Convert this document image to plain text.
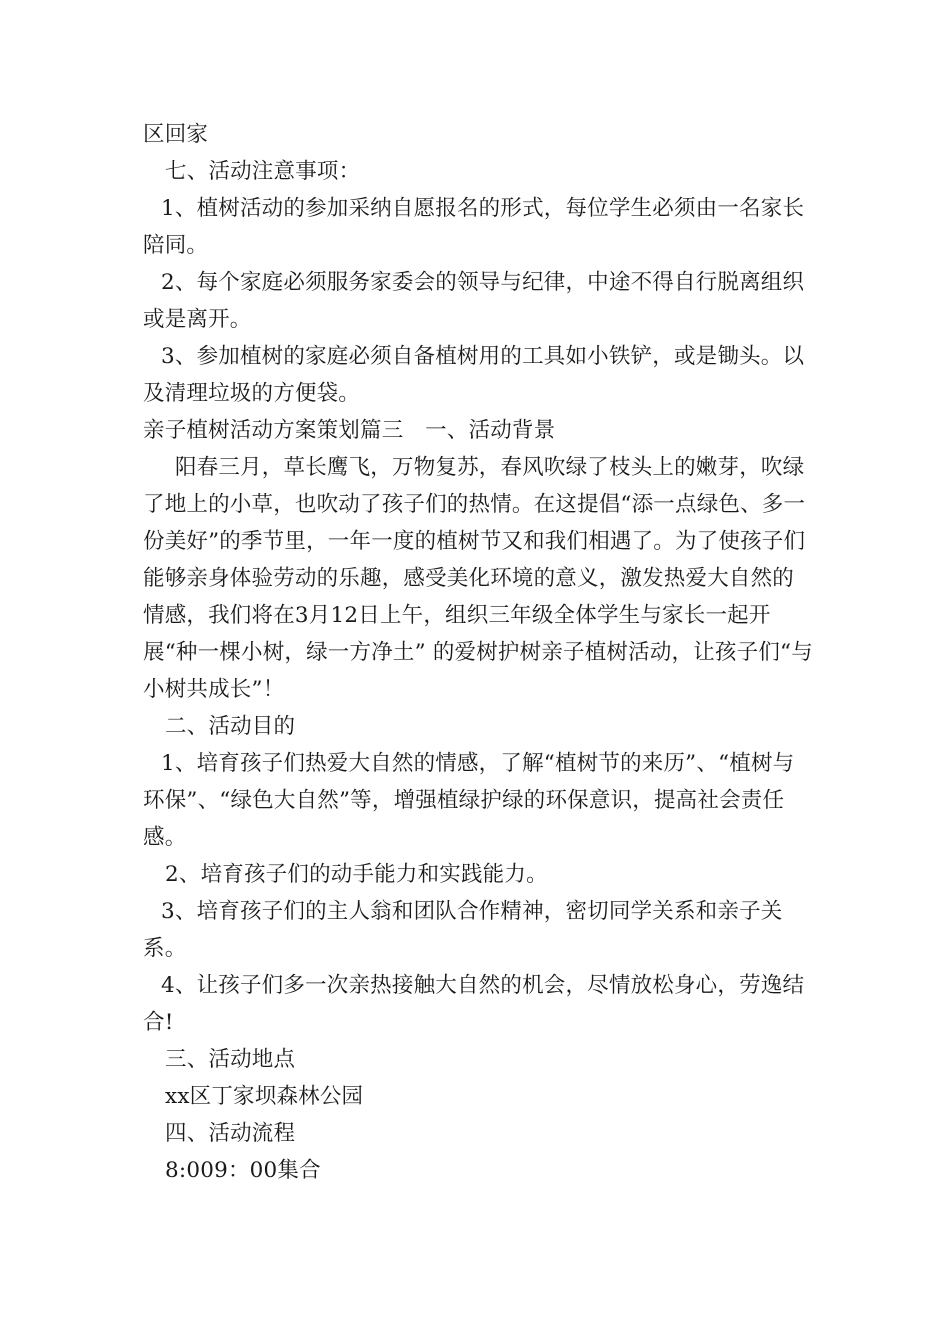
区回家

七、活动注意事项：

1、植树活动的参加采纳自愿报名的形式，每位学生必须由一名家长陪同。

2、每个家庭必须服务家委会的领导与纪律，中途不得自行脱离组织或是离开。

3、参加植树的家庭必须自备植树用的工具如小铁铲，或是锄头。以及清理垃圾的方便袋。

亲子植树活动方案策划篇三　一、活动背景

阳春三月，草长鹰飞，万物复苏，春风吹绿了枝头上的嫩芽，吹绿了地上的小草，也吹动了孩子们的热情。在这提倡“添一点绿色、多一份美好”的季节里，一年一度的植树节又和我们相遇了。为了使孩子们能够亲身体验劳动的乐趣，感受美化环境的意义，激发热爱大自然的情感，我们将在3月12日上午，组织三年级全体学生与家长一起开展“种一棵小树，绿一方净土” 的爱树护树亲子植树活动，让孩子们“与小树共成长”！

二、活动目的

1、培育孩子们热爱大自然的情感，了解“植树节的来历”、“植树与环保”、“绿色大自然”等，增强植绿护绿的环保意识，提高社会责任感。

2、培育孩子们的动手能力和实践能力。

3、培育孩子们的主人翁和团队合作精神，密切同学关系和亲子关系。

4、让孩子们多一次亲热接触大自然的机会，尽情放松身心，劳逸结合!

三、活动地点

xx区丁家坝森林公园

四、活动流程

8:009：00集合
